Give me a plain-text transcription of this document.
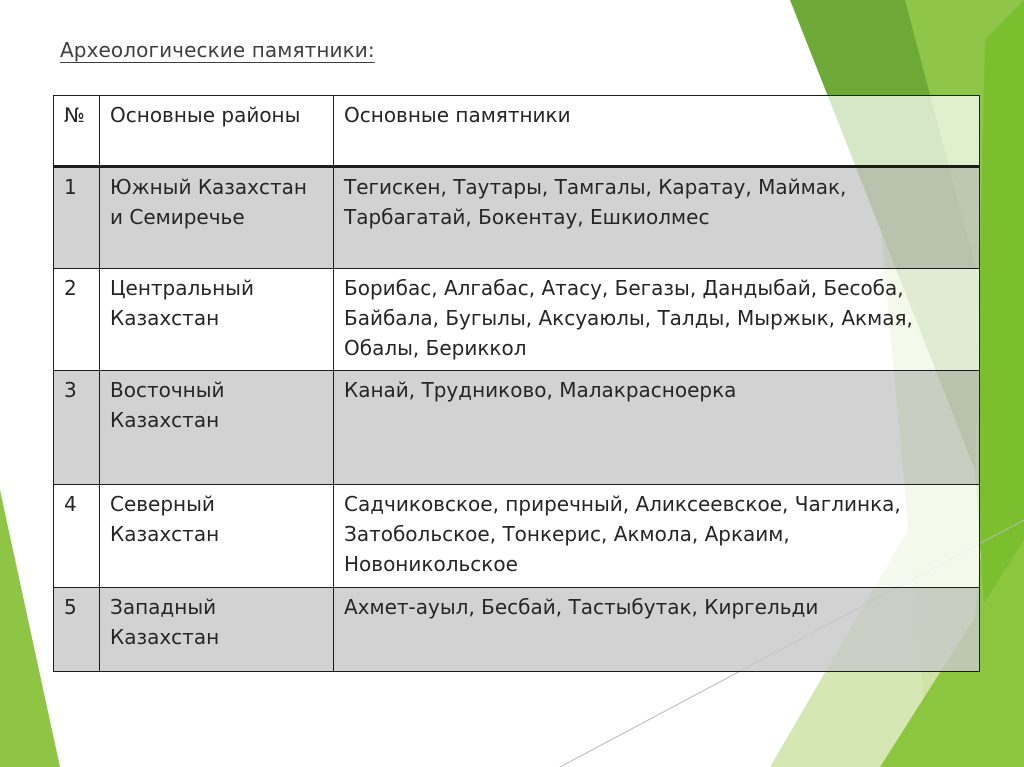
Археологические памятники:
№	Основные районы	Основные памятники
1	Южный Казахстан и Семиречье	Тегискен, Таутары, Тамгалы, Каратау, Маймак, Тарбагатай, Бокентау, Ешкиолмес
2	Центральный Казахстан	Борибас, Алгабас, Атасу, Бегазы, Дандыбай, Бесоба, Байбала, Бугылы, Аксуаюлы, Талды, Мыржык, Акмая, Обалы, Бериккол
3	Восточный Казахстан	Канай, Трудниково, Малакрасноерка
4	Северный Казахстан	Садчиковское, приречный, Аликсеевское, Чаглинка, Затобольское, Тонкерис, Акмола, Аркаим, Новоникольское
5	Западный Казахстан	Ахмет-ауыл, Бесбай, Тастыбутак, Киргельди
